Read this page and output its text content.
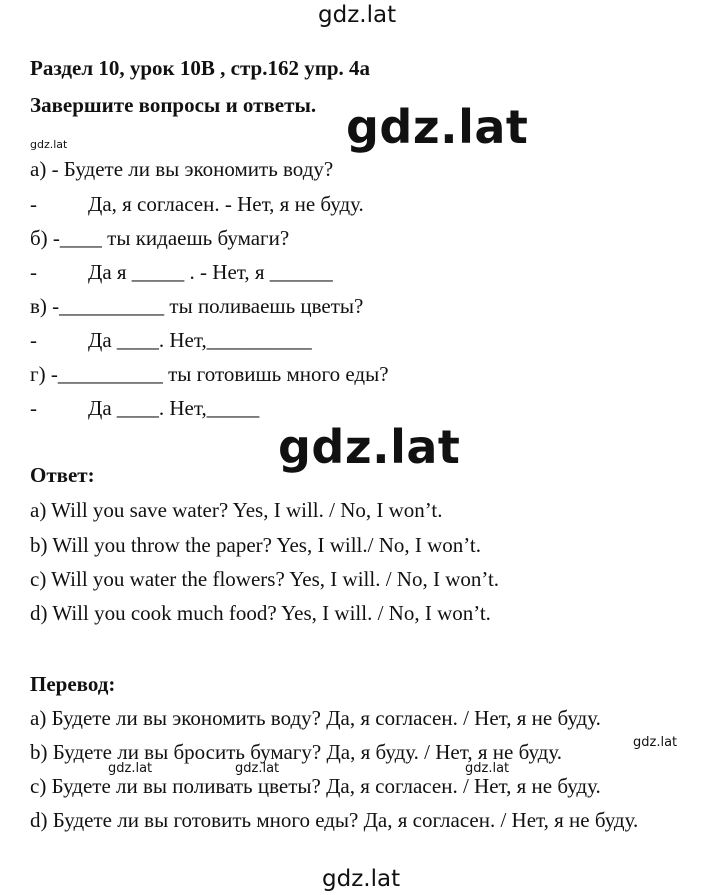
gdz.lat
gdz.lat
gdz.lat
Раздел 10, урок 10В , стр.162 упр. 4а
Завершите вопросы и ответы.
а) - Будете ли вы экономить воду?
- Да, я согласен. - Нет, я не буду.
б) -____ ты кидаешь бумаги?
- Да я _____ . - Нет, я ______
в) -__________ ты поливаешь цветы?
- Да ____. Нет,__________
г) -__________ ты готовишь много еды?
- Да ____. Нет,_____
gdz.lat
Ответ:
a) Will you save water? Yes, I will. / No, I won’t.
b) Will you throw the paper? Yes, I will./ No, I won’t.
c) Will you water the flowers? Yes, I will. / No, I won’t.
d) Will you cook much food? Yes, I will. / No, I won’t.
Перевод:
а) Будете ли вы экономить воду? Да, я согласен. / Нет, я не буду.
b) Будете ли вы бросить бумагу? Да, я буду. / Нет, я не буду.
c) Будете ли вы поливать цветы? Да, я согласен. / Нет, я не буду.
d) Будете ли вы готовить много еды? Да, я согласен. / Нет, я не буду.
gdz.lat
gdz.lat	gdz.lat	gdz.lat
gdz.lat
